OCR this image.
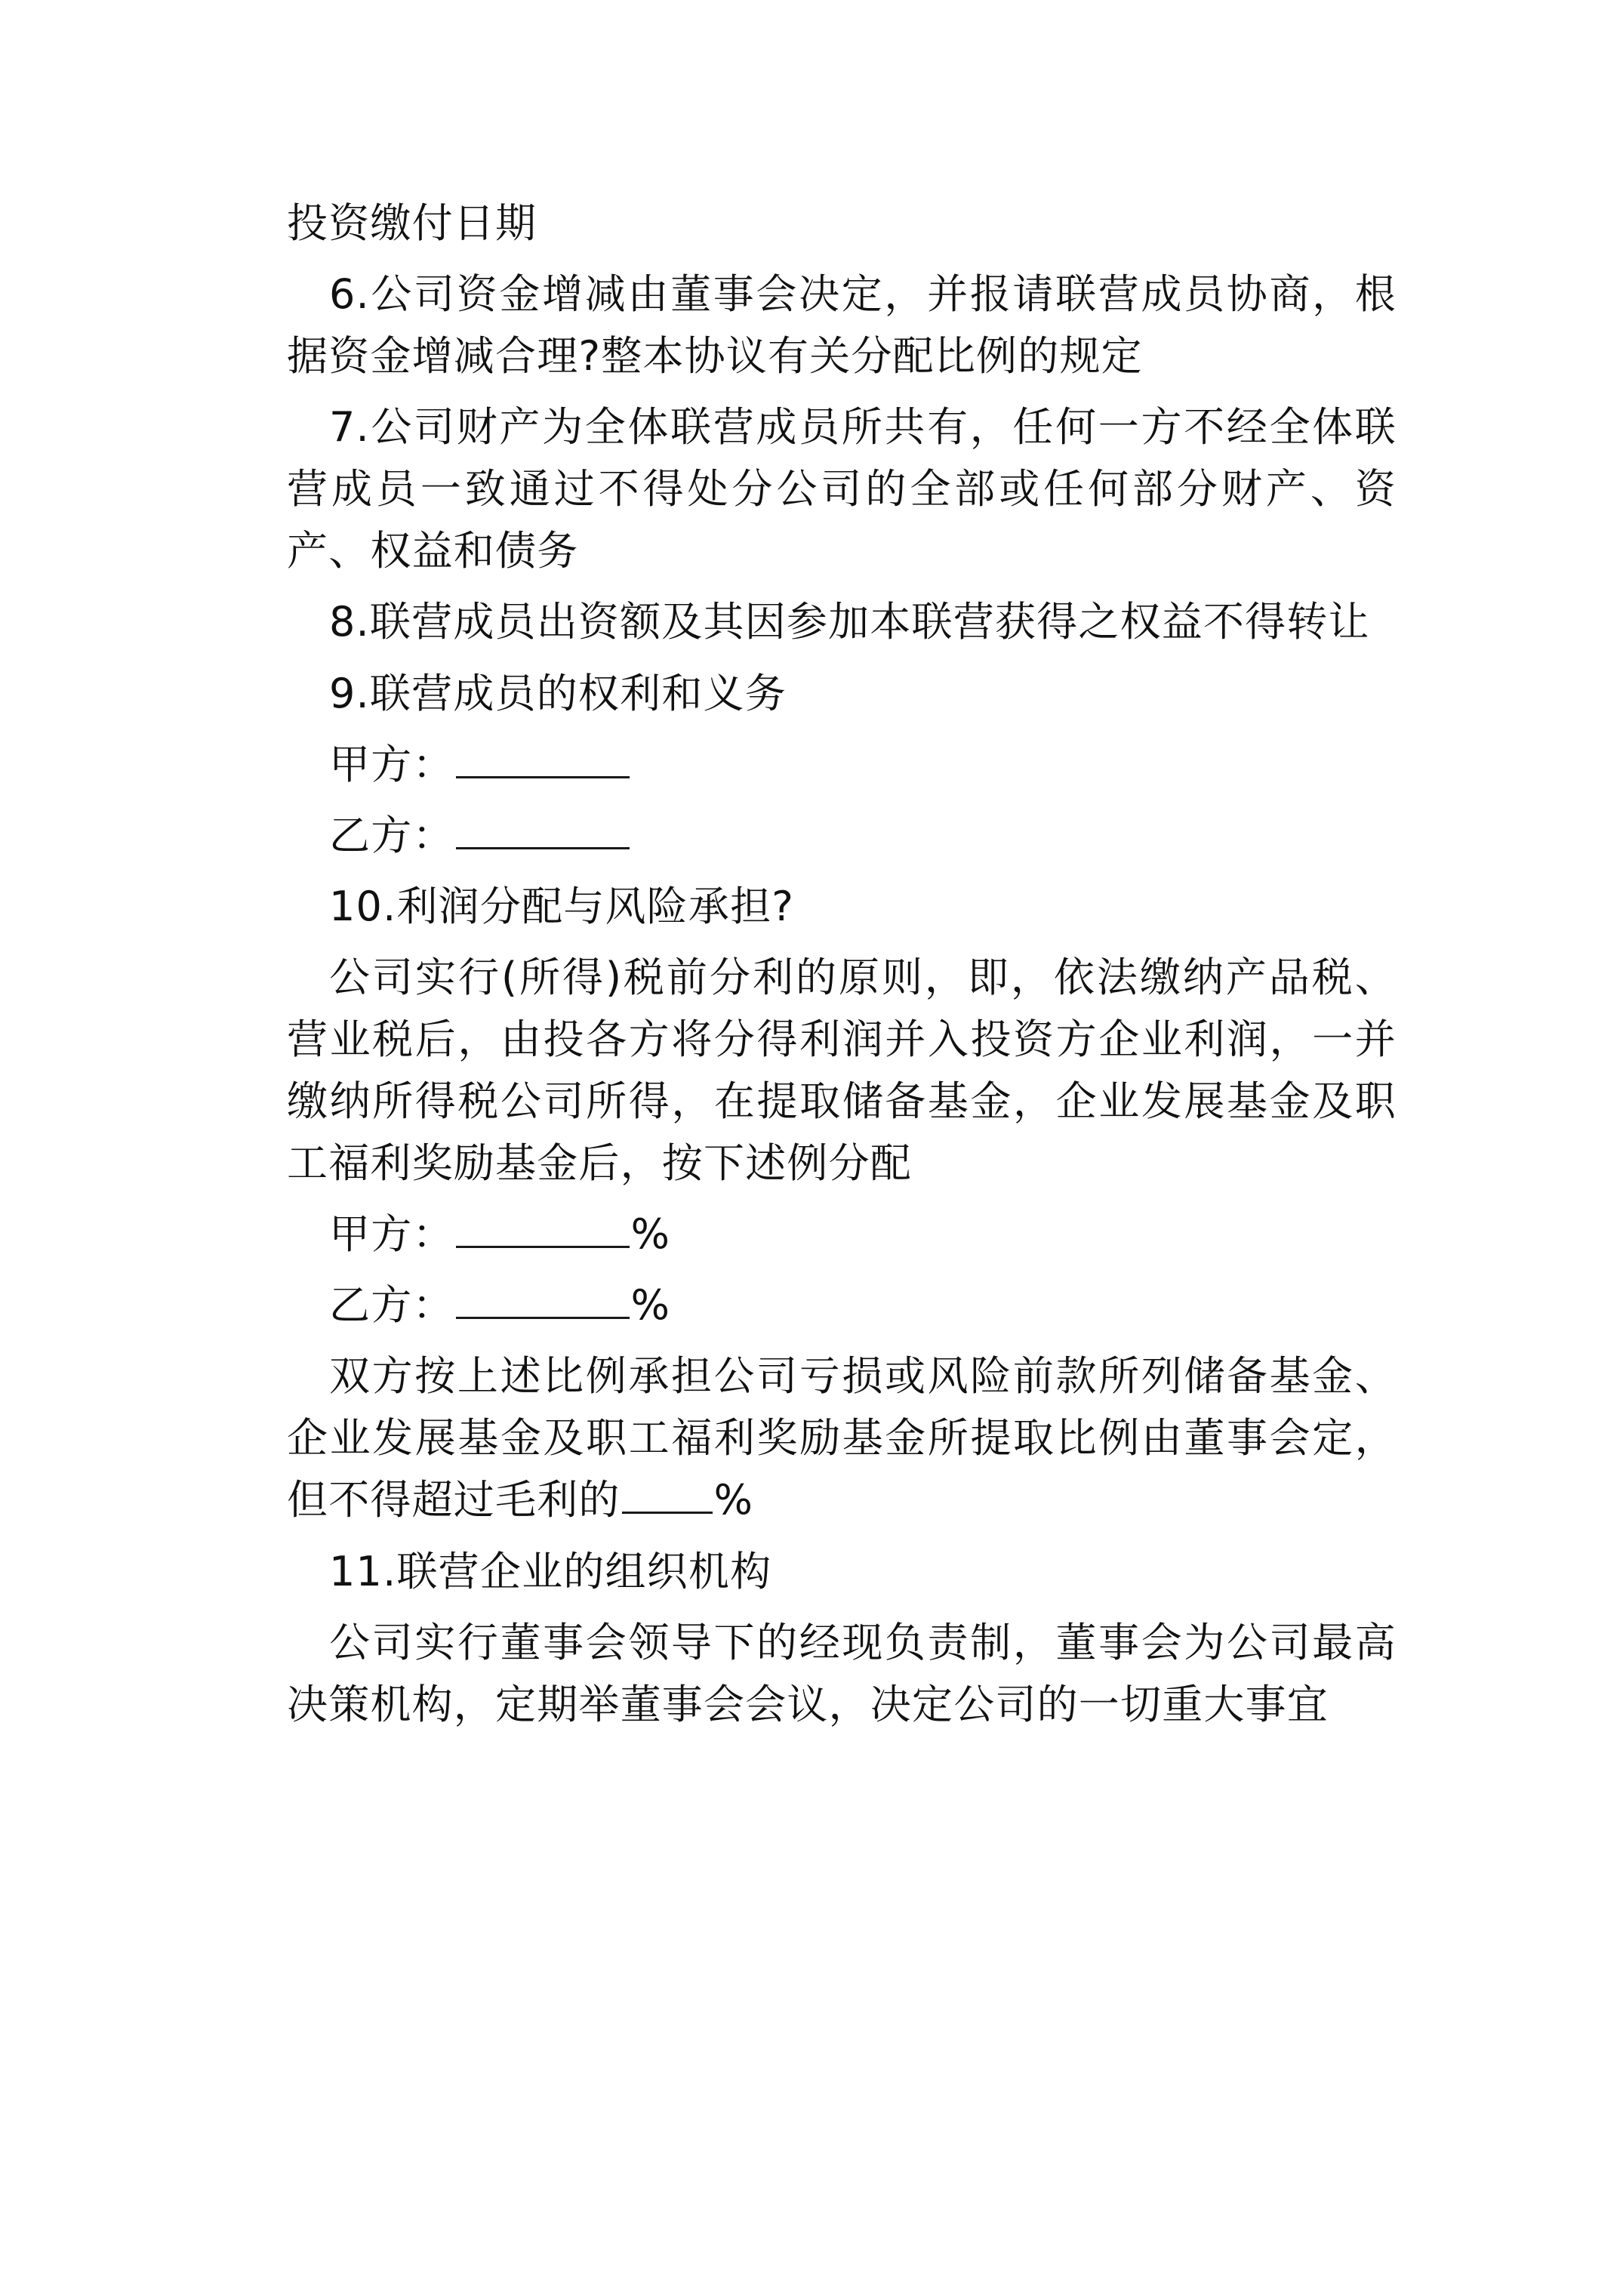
投资缴付日期

6.公司资金增减由董事会决定，并报请联营成员协商，根据资金增减合理?整本协议有关分配比例的规定

7.公司财产为全体联营成员所共有，任何一方不经全体联营成员一致通过不得处分公司的全部或任何部分财产、资产、权益和债务

8.联营成员出资额及其因参加本联营获得之权益不得转让

9.联营成员的权利和义务

甲方：

乙方：

10.利润分配与风险承担?

公司实行(所得)税前分利的原则，即，依法缴纳产品税、营业税后，由投各方将分得利润并入投资方企业利润，一并缴纳所得税公司所得，在提取储备基金，企业发展基金及职工福利奖励基金后，按下述例分配

甲方：	%

乙方：	%

双方按上述比例承担公司亏损或风险前款所列储备基金、企业发展基金及职工福利奖励基金所提取比例由董事会定，但不得超过毛利的 %

11.联营企业的组织机构

公司实行董事会领导下的经现负责制，董事会为公司最高决策机构，定期举董事会会议，决定公司的一切重大事宜
